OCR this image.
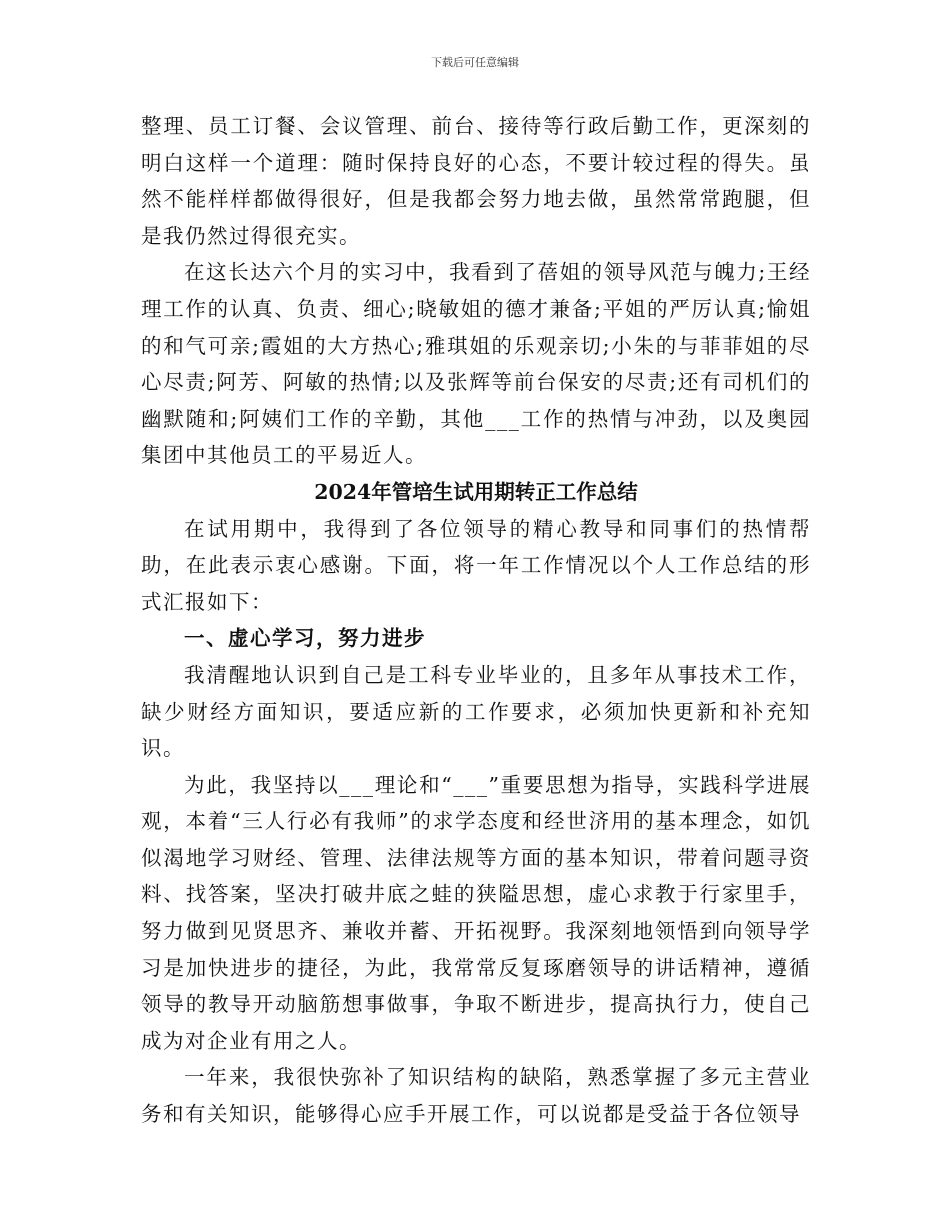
下载后可任意编辑

整理、员工订餐、会议管理、前台、接待等行政后勤工作，更深刻的明白这样一个道理：随时保持良好的心态，不要计较过程的得失。虽然不能样样都做得很好，但是我都会努力地去做，虽然常常跑腿，但是我仍然过得很充实。

在这长达六个月的实习中，我看到了蓓姐的领导风范与魄力;王经理工作的认真、负责、细心;晓敏姐的德才兼备;平姐的严厉认真;愉姐的和气可亲;霞姐的大方热心;雅琪姐的乐观亲切;小朱的与菲菲姐的尽心尽责;阿芳、阿敏的热情;以及张辉等前台保安的尽责;还有司机们的幽默随和;阿姨们工作的辛勤，其他___工作的热情与冲劲，以及奥园集团中其他员工的平易近人。

2024年管培生试用期转正工作总结

在试用期中，我得到了各位领导的精心教导和同事们的热情帮助，在此表示衷心感谢。下面，将一年工作情况以个人工作总结的形式汇报如下：

一、虚心学习，努力进步

我清醒地认识到自己是工科专业毕业的，且多年从事技术工作，缺少财经方面知识，要适应新的工作要求，必须加快更新和补充知识。

为此，我坚持以___理论和“___”重要思想为指导，实践科学进展观，本着“三人行必有我师”的求学态度和经世济用的基本理念，如饥似渴地学习财经、管理、法律法规等方面的基本知识，带着问题寻资料、找答案，坚决打破井底之蛙的狭隘思想，虚心求教于行家里手，努力做到见贤思齐、兼收并蓄、开拓视野。我深刻地领悟到向领导学习是加快进步的捷径，为此，我常常反复琢磨领导的讲话精神，遵循领导的教导开动脑筋想事做事，争取不断进步，提高执行力，使自己成为对企业有用之人。

一年来，我很快弥补了知识结构的缺陷，熟悉掌握了多元主营业务和有关知识，能够得心应手开展工作，可以说都是受益于各位领导
